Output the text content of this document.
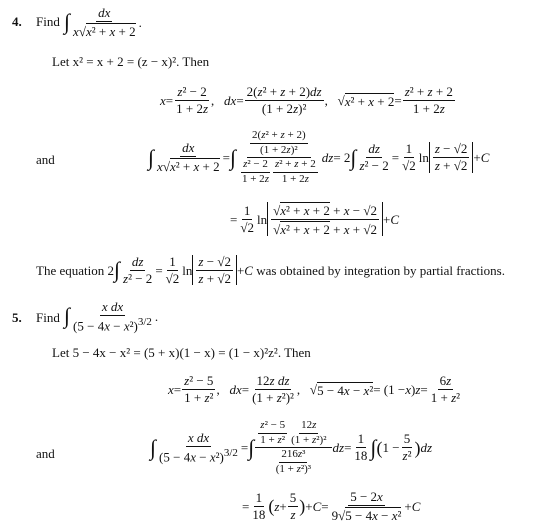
4. Find ∫ $\frac{dx}{\text{x√x² + x + 2}}$ .
Let x² = x + 2 = (z − x)². Then
$x = \frac{\text{z² − 2}}{1 + 2z}$ , dx = $\frac{\text{2(z² + z + 2)dz}}{\text{(1 + 2z)²}}$ ,   √ $x^2 + x + 2 = \frac{\text{z² + z + 2}}{1 + 2z}$
and	∫ $\frac{dx}{\text{x√x² + x + 2}}$ = ∫ $\frac{\frac{\text{2(z² + z + 2)}}{\text{(1 + 2z)²}}}{\frac{\text{z² − 2}}{1 + 2z} \frac{\text{z² + z + 2}}{1 + 2z}}$ dz = 2 ∫ $\frac{dz}{\text{z² − 2}} = \frac{1}{√2}$ $\ln \frac{z - √2}{z + √2} + C$
= $\frac{1}{√2}$ $\ln \frac{\text{√x² + x + 2 + x − √2}}{\text{√x² + x + 2 + x + √2}} + C$
The equation 2 ∫ $\frac{dz}{\text{z² − 2}} = \frac{1}{√2}$ $\ln \frac{z - √2}{z + √2} + C$
was obtained by integration by partial fractions.
5. Find ∫ $\frac{\text{x dx}}{(5 - 4x - x^2)^{3/2}}$ .
Let 5 − 4x − x² = (5 + x)(1 − x) = (1 − x)²z². Then
$x = \frac{\text{z² − 5}}{\text{1 + z²}}$ , dx = $\frac{\text{12z dz}}{\text{(1 + z²)²}}$ ,   √ 5 − 4x − x² = (1 − x ) $z = \frac{6z}{\text{1 + z²}}$
and	∫ $\frac{\text{x dx}}{(5 - 4x - x^2)^{3/2}}$ = ∫ $\frac{\frac{\text{z² − 5}}{\text{1 + z²}} \frac{12z}{\text{(1 + z²)²}}}{\frac{\text{216z³}}{\text{(1 + z²)³}}}$ dz = $\frac{1}{18}$ ∫ ( $1 - \frac{5}{\text{z²}}$ ) dz
= $\frac{1}{18}$ ( $z + \frac{5}{z}$ ) + $C = \frac{5 - 2x}{\text{9√5 − 4x − x²}} + C$
